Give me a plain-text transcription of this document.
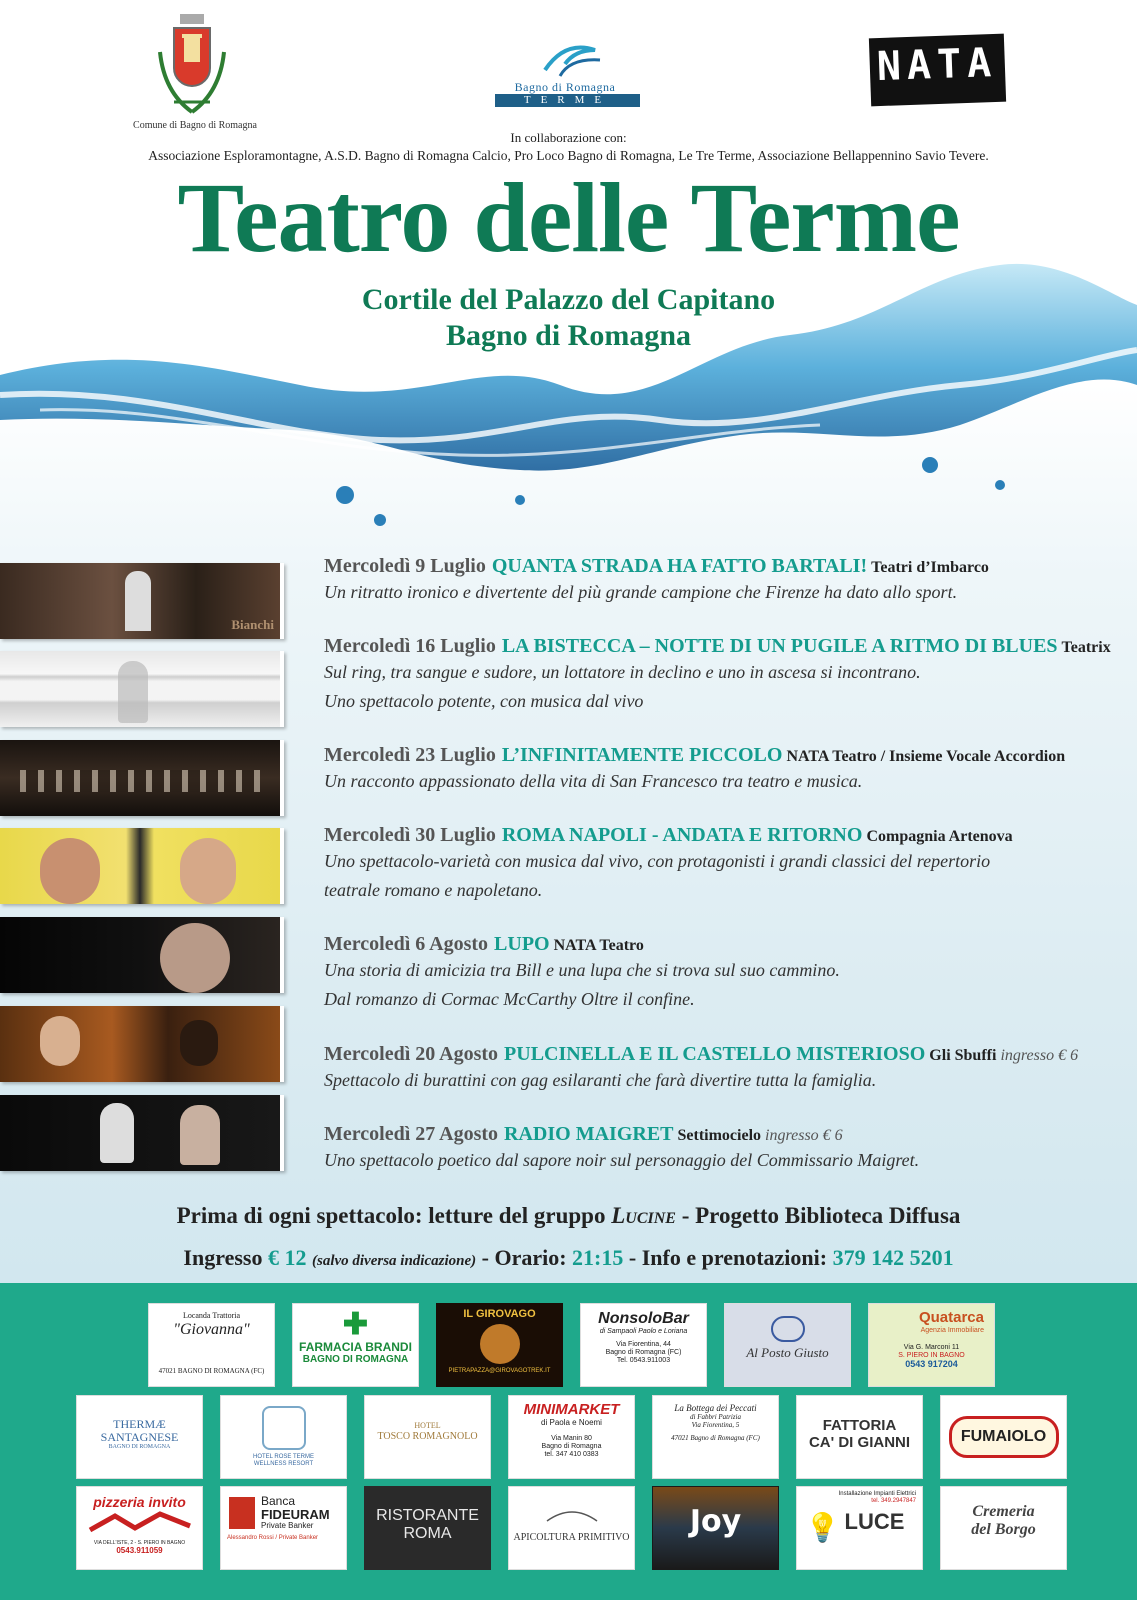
Comune di Bagno di Romagna
Bagno di Romagna
TERME
NATA
In collaborazione con:
Associazione Esploramontagne, A.S.D. Bagno di Romagna Calcio, Pro Loco Bagno di Romagna, Le Tre Terme, Associazione Bellappennino Savio Tevere.
Teatro delle Terme
Cortile del Palazzo del Capitano
Bagno di Romagna
Bianchi
Mercoledì 9 Luglio QUANTA STRADA HA FATTO BARTALI! Teatri d’Imbarco
Un ritratto ironico e divertente del più grande campione che Firenze ha dato allo sport.
Mercoledì 16 Luglio LA BISTECCA – NOTTE DI UN PUGILE A RITMO DI BLUES Teatrix
Sul ring, tra sangue e sudore, un lottatore in declino e uno in ascesa si incontrano.
Uno spettacolo potente, con musica dal vivo
Mercoledì 23 Luglio L’INFINITAMENTE PICCOLO NATA Teatro / Insieme Vocale Accordion
Un racconto appassionato della vita di San Francesco tra teatro e musica.
Mercoledì 30 Luglio ROMA NAPOLI - ANDATA E RITORNO Compagnia Artenova
Uno spettacolo-varietà con musica dal vivo, con protagonisti i grandi classici del repertorio
teatrale romano e napoletano.
Mercoledì 6 Agosto LUPO NATA Teatro
Una storia di amicizia tra Bill e una lupa che si trova sul suo cammino.
Dal romanzo di Cormac McCarthy Oltre il confine.
Mercoledì 20 Agosto PULCINELLA E IL CASTELLO MISTERIOSO Gli Sbuffi ingresso € 6
Spettacolo di burattini con gag esilaranti che farà divertire tutta la famiglia.
Mercoledì 27 Agosto RADIO MAIGRET Settimocielo ingresso € 6
Uno spettacolo poetico dal sapore noir sul personaggio del Commissario Maigret.
Prima di ogni spettacolo: letture del gruppo Lucine - Progetto Biblioteca Diffusa
Ingresso € 12 (salvo diversa indicazione) - Orario: 21:15 - Info e prenotazioni: 379 142 5201
Locanda Trattoria
"Giovanna"
47021 BAGNO DI ROMAGNA (FC)
✚
FARMACIA BRANDI
BAGNO DI ROMAGNA
IL GIROVAGO
PIETRAPAZZA@GIROVAGOTREK.IT
NonsoloBar
di Sampaoli Paolo e Loriana
Via Fiorentina, 44
Bagno di Romagna (FC)
Tel. 0543.911003
Al Posto Giusto
Quatarca
Agenzia Immobiliare
Via G. Marconi 11
S. PIERO IN BAGNO
0543 917204
THERMÆ
SANTAGNESE
BAGNO DI ROMAGNA
HOTEL ROSE TERME
WELLNESS RESORT
HOTEL
TOSCO ROMAGNOLO
MINIMARKET
di Paola e Noemi
Via Manin 80
Bagno di Romagna
tel. 347 410 0383
La Bottega dei Peccati
di Fabbri Patrizia
Via Fiorentina, 5
47021 Bagno di Romagna (FC)
FATTORIA
CA' DI GIANNI	FUMAIOLO
pizzeria invito
VIA DELL'ISTE, 2 - S. PIERO IN BAGNO
0543.911059
Banca
FIDEURAM
Private Banker
Alessandro Rossi / Private Banker
RISTORANTE
ROMA	APICOLTURA PRIMITIVO	Joy
Installazione Impianti Elettrici
tel. 349.2947847
💡 LUCE	Cremeria
del Borgo
